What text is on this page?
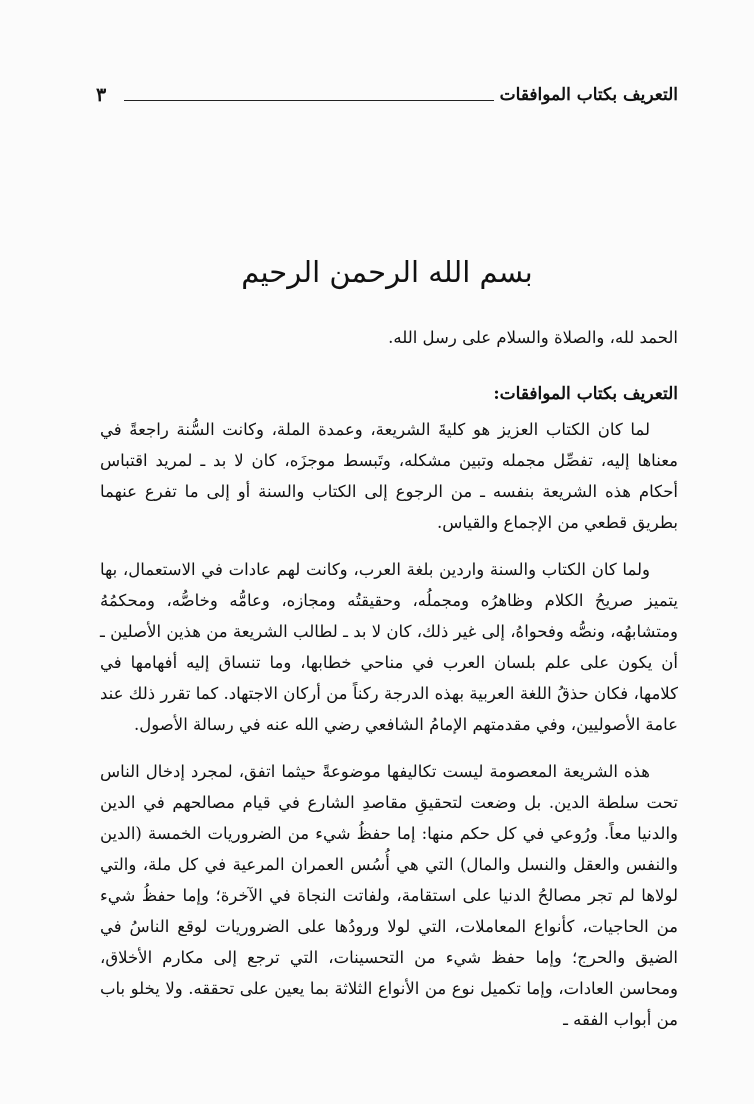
التعريف بكتاب الموافقات
٣
بسم الله الرحمن الرحيم

الحمد لله، والصلاة والسلام على رسل الله.

التعريف بكتاب الموافقات:

لما كان الكتاب العزيز هو كليةَ الشريعة، وعمدة الملة، وكانت السُّنة راجعةً في معناها إليه، تفصِّل مجمله وتبين مشكله، وتَبسط موجزَه، كان لا بد ـ لمريد اقتباس أحكام هذه الشريعة بنفسه ـ من الرجوع إلى الكتاب والسنة أو إلى ما تفرع عنهما بطريق قطعي من الإجماع والقياس.

ولما كان الكتاب والسنة واردين بلغة العرب، وكانت لهم عادات في الاستعمال، بها يتميز صريحُ الكلام وظاهرُه ومجملُه، وحقيقتُه ومجازه، وعامُّه وخاصُّه، ومحكمُهُ ومتشابهُه، ونصُّه وفحواهُ، إلى غير ذلك، كان لا بد ـ لطالب الشريعة من هذين الأصلين ـ أن يكون على علم بلسان العرب في مناحي خطابها، وما تنساق إليه أفهامها في كلامها، فكان حذقُ اللغة العربية بهذه الدرجة ركناً من أركان الاجتهاد. كما تقرر ذلك عند عامة الأصوليين، وفي مقدمتهم الإمامُ الشافعي رضي الله عنه في رسالة الأصول.

هذه الشريعة المعصومة ليست تكاليفها موضوعةً حيثما اتفق، لمجرد إدخال الناس تحت سلطة الدين. بل وضعت لتحقيقِ مقاصدِ الشارع في قيام مصالحهم في الدين والدنيا معاً. ورُوعي في كل حكم منها: إما حفظُ شيء من الضروريات الخمسة (الدين والنفس والعقل والنسل والمال) التي هي أُسُس العمران المرعية في كل ملة، والتي لولاها لم تجر مصالحُ الدنيا على استقامة، ولفاتت النجاة في الآخرة؛ وإما حفظُ شيء من الحاجيات، كأنواع المعاملات، التي لولا ورودُها على الضروريات لوقع الناسُ في الضيق والحرج؛ وإما حفظ شيء من التحسينات، التي ترجع إلى مكارم الأخلاق، ومحاسن العادات، وإما تكميل نوع من الأنواع الثلاثة بما يعين على تحققه. ولا يخلو باب من أبواب الفقه ـ
